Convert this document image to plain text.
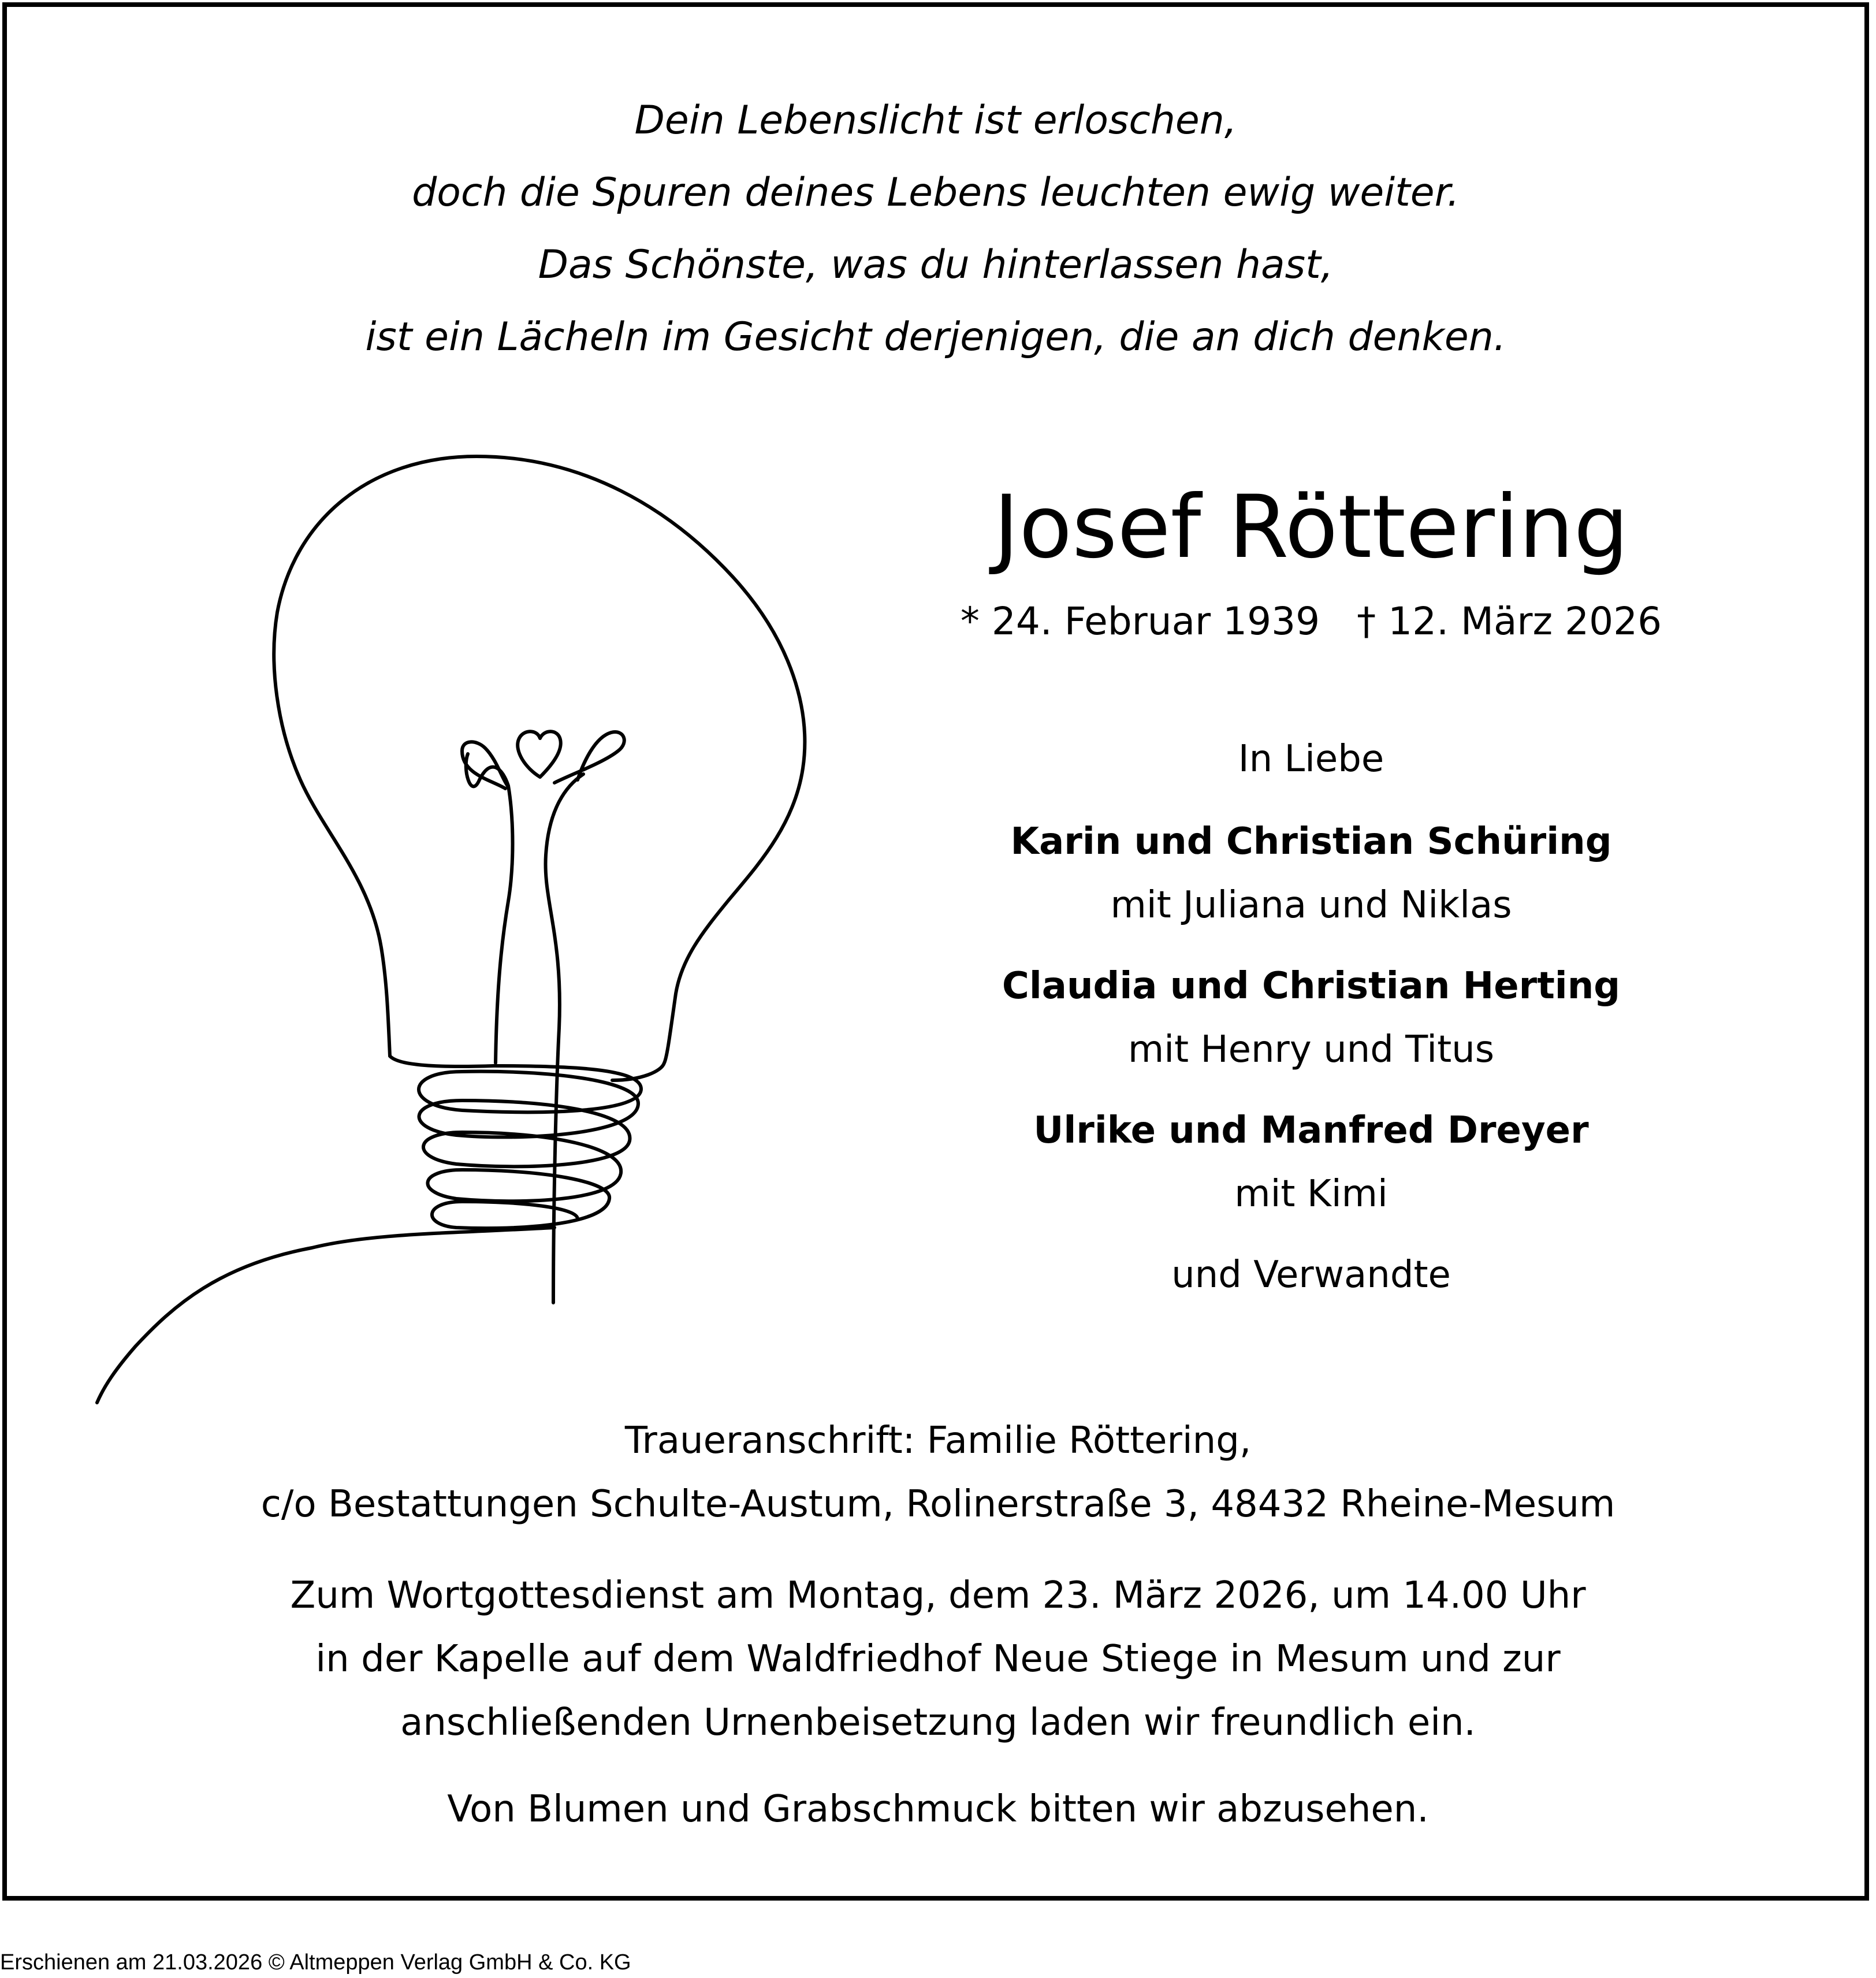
Dein Lebenslicht ist erloschen,
doch die Spuren deines Lebens leuchten ewig weiter.
Das Schönste, was du hinterlassen hast,
ist ein Lächeln im Gesicht derjenigen, die an dich denken.
Josef Röttering
* 24. Februar 1939 † 12. März 2026
In Liebe
Karin und Christian Schüring
mit Juliana und Niklas
Claudia und Christian Herting
mit Henry und Titus
Ulrike und Manfred Dreyer
mit Kimi
und Verwandte
Traueranschrift: Familie Röttering,
c/o Bestattungen Schulte-Austum, Rolinerstraße 3, 48432 Rheine-Mesum
Zum Wortgottesdienst am Montag, dem 23. März 2026, um 14.00 Uhr
in der Kapelle auf dem Waldfriedhof Neue Stiege in Mesum und zur
anschließenden Urnenbeisetzung laden wir freundlich ein.
Von Blumen und Grabschmuck bitten wir abzusehen.
Erschienen am 21.03.2026 © Altmeppen Verlag GmbH & Co. KG
